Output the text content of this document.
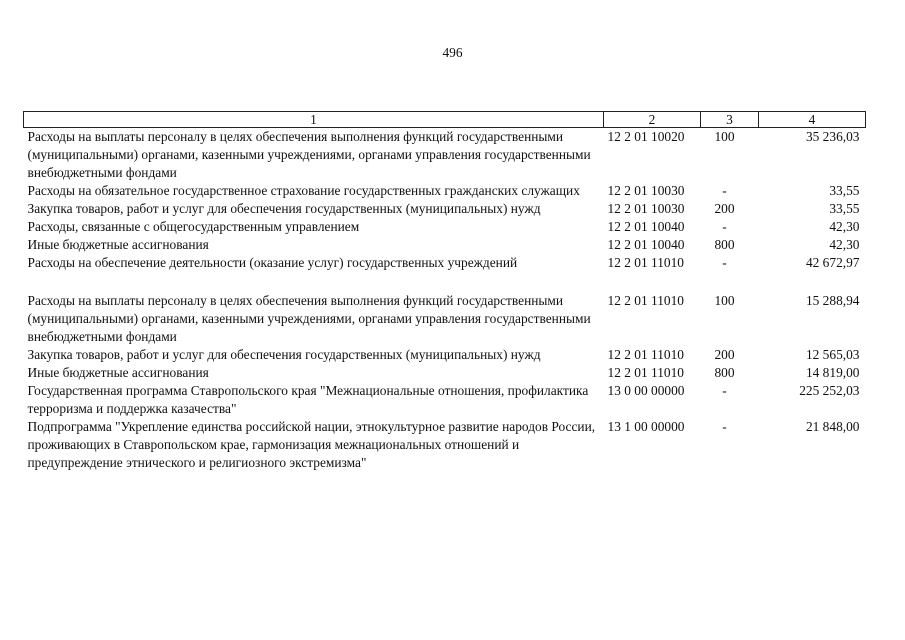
496
1	2	3	4
Расходы на выплаты персоналу в целях обеспечения выполнения функций государственными (муниципальными) органами, казенными учреждениями, органами управления государственными внебюджетными фондами	12 2 01 10020	100	35 236,03
Расходы на обязательное государственное страхование государственных гражданских служащих	12 2 01 10030	-	33,55
Закупка товаров, работ и услуг для обеспечения государственных (муниципальных) нужд	12 2 01 10030	200	33,55
Расходы, связанные с общегосударственным управлением	12 2 01 10040	-	42,30
Иные бюджетные ассигнования	12 2 01 10040	800	42,30
Расходы на обеспечение деятельности (оказание услуг) государственных учреждений	12 2 01 11010	-	42 672,97

Расходы на выплаты персоналу в целях обеспечения выполнения функций государственными (муниципальными) органами, казенными учреждениями, органами управления государственными внебюджетными фондами	12 2 01 11010	100	15 288,94
Закупка товаров, работ и услуг для обеспечения государственных (муниципальных) нужд	12 2 01 11010	200	12 565,03
Иные бюджетные ассигнования	12 2 01 11010	800	14 819,00
Государственная программа Ставропольского края "Межнациональные отношения, профилактика терроризма и поддержка казачества"	13 0 00 00000	-	225 252,03
Подпрограмма "Укрепление единства российской нации, этнокультурное развитие народов России, проживающих в Ставропольском крае, гармонизация межнациональных отношений и предупреждение этнического и религиозного экстремизма"	13 1 00 00000	-	21 848,00
